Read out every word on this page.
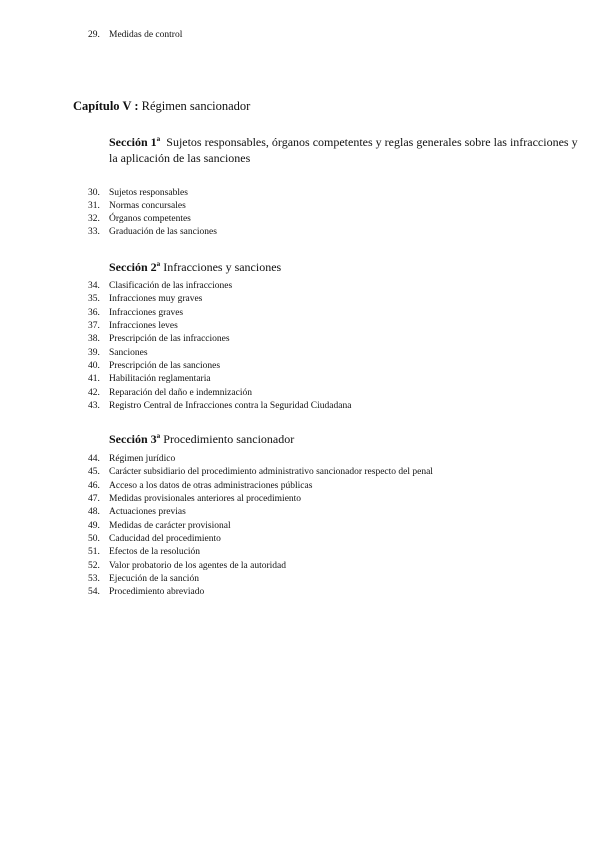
29. Medidas de control
Capítulo V : Régimen sancionador
Sección 1ª Sujetos responsables, órganos competentes y reglas generales sobre las infracciones y la aplicación de las sanciones
30. Sujetos responsables
31. Normas concursales
32. Órganos competentes
33. Graduación de las sanciones
Sección 2ª Infracciones y sanciones
34. Clasificación de las infracciones
35. Infracciones muy graves
36. Infracciones graves
37. Infracciones leves
38. Prescripción de las infracciones
39. Sanciones
40. Prescripción de las sanciones
41. Habilitación reglamentaria
42. Reparación del daño e indemnización
43. Registro Central de Infracciones contra la Seguridad Ciudadana
Sección 3ª Procedimiento sancionador
44. Régimen jurídico
45. Carácter subsidiario del procedimiento administrativo sancionador respecto del penal
46. Acceso a los datos de otras administraciones públicas
47. Medidas provisionales anteriores al procedimiento
48. Actuaciones previas
49. Medidas de carácter provisional
50. Caducidad del procedimiento
51. Efectos de la resolución
52. Valor probatorio de los agentes de la autoridad
53. Ejecución de la sanción
54. Procedimiento abreviado
